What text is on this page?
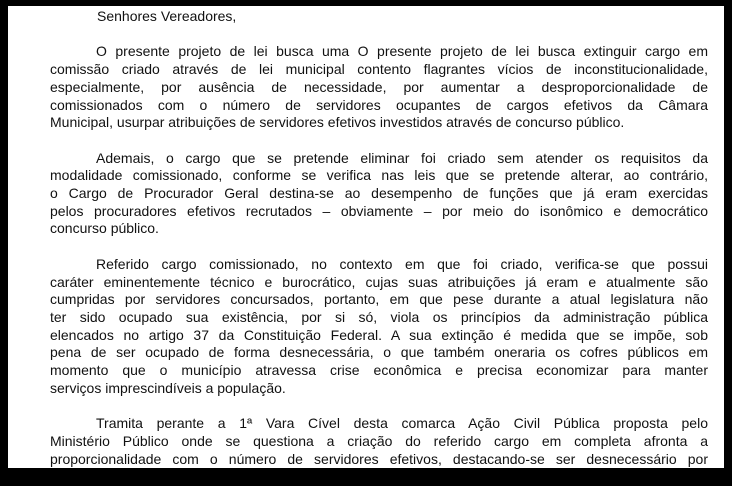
Senhores Vereadores,
O presente projeto de lei busca uma O presente projeto de lei busca extinguir cargo em
comissão criado através de lei municipal contento flagrantes vícios de inconstitucionalidade,
especialmente, por ausência de necessidade, por aumentar a desproporcionalidade de
comissionados com o número de servidores ocupantes de cargos efetivos da Câmara
Municipal, usurpar atribuições de servidores efetivos investidos através de concurso público.
Ademais, o cargo que se pretende eliminar foi criado sem atender os requisitos da
modalidade comissionado, conforme se verifica nas leis que se pretende alterar, ao contrário,
o Cargo de Procurador Geral destina-se ao desempenho de funções que já eram exercidas
pelos procuradores efetivos recrutados – obviamente – por meio do isonômico e democrático
concurso público.
Referido cargo comissionado, no contexto em que foi criado, verifica-se que possui
caráter eminentemente técnico e burocrático, cujas suas atribuições já eram e atualmente são
cumpridas por servidores concursados, portanto, em que pese durante a atual legislatura não
ter sido ocupado sua existência, por si só, viola os princípios da administração pública
elencados no artigo 37 da Constituição Federal. A sua extinção é medida que se impõe, sob
pena de ser ocupado de forma desnecessária, o que também oneraria os cofres públicos em
momento que o município atravessa crise econômica e precisa economizar para manter
serviços imprescindíveis a população.
Tramita perante a 1ª Vara Cível desta comarca Ação Civil Pública proposta pelo
Ministério Público onde se questiona a criação do referido cargo em completa afronta a
proporcionalidade com o número de servidores efetivos, destacando-se ser desnecessário por
